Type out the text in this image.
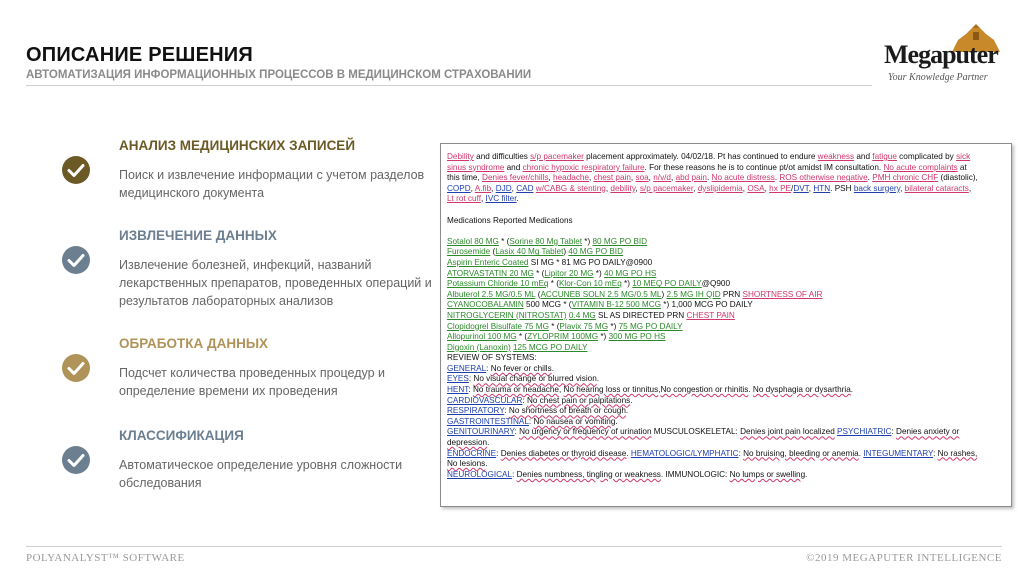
ОПИСАНИЕ РЕШЕНИЯ
АВТОМАТИЗАЦИЯ ИНФОРМАЦИОННЫХ ПРОЦЕССОВ В МЕДИЦИНСКОМ СТРАХОВАНИИ
Megaputer
Your Knowledge Partner
АНАЛИЗ МЕДИЦИНСКИХ ЗАПИСЕЙ
Поиск и извлечение информации с учетом разделов медицинского документа
ИЗВЛЕЧЕНИЕ ДАННЫХ
Извлечение болезней, инфекций, названий лекарственных препаратов, проведенных операций и результатов лабораторных анализов
ОБРАБОТКА ДАННЫХ
Подсчет количества проведенных процедур и определение времени их проведения
КЛАССИФИКАЦИЯ
Автоматическое определение уровня сложности обследования
Debility and difficulties s/p pacemaker placement approximately. 04/02/18. Pt has continued to endure weakness and fatigue complicated by sick
sinus syndrome and chronic hypoxic respiratory failure. For these reasons he is to continue pt/ot amidst IM consultation. No acute complaints at
this time, Denies fever/chills, headache, chest pain, soa, n/v/d, abd pain. No acute distress. ROS otherwise negative. PMH chronic CHF (diastolic),
COPD, A.fib, DJD, CAD w/CABG & stenting, debility, s/p pacemaker, dyslipidemia, OSA, hx PE/DVT, HTN. PSH back surgery, bilateral cataracts,
Lt rot cuff, IVC filter.
Medications Reported Medications
Sotalol 80 MG * (Sorine 80 Mg Tablet *) 80 MG PO BID
Furosemide (Lasix 40 Mg Tablet) 40 MG PO BID
Aspirin Enteric Coated SI MG * 81 MG PO DAILY@0900
ATORVASTATIN 20 MG * (Lipitor 20 MG *) 40 MG PO HS
Potassium Chloride 10 mEq * (Klor-Con 10 mEq *) 10 MEQ PO DAILY@Q900
Albuterol 2.5 MG/0.5 ML (ACCUNEB SOLN 2.5 MG/0.5 ML) 2.5 MG IH QID PRN SHORTNESS OF AIR
CYANOCOBALAMIN 500 MCG * (VITAMIN B-12 500 MCG *) 1,000 MCG PO DAILY
NITROGLYCERIN (NITROSTAT) 0.4 MG SL AS DIRECTED PRN CHEST PAIN
Clopidogrel Bisulfate 75 MG * (Plavix 75 MG *) 75 MG PO DAILY
Allopurinol 100 MG * (ZYLOPRIM 100MG *) 300 MG PO HS
Digoxin (Lanoxin) 125 MCG PO DAILY
REVIEW OF SYSTEMS:
GENERAL: No fever or chills.
EYES: No visual change or blurred vision.
HENT: No trauma or headache, No hearing loss or tinnitus,No congestion or rhinitis. No dysphagia or dysarthria.
CARDIOVASCULAR: No chest pain or palpitations.
RESPIRATORY: No shortness of breath or cough.
GASTROINTESTINAL: No nausea or vomiting.
GENITOURINARY: No urgency or frequency of urination MUSCULOSKELETAL: Denies joint pain localized PSYCHIATRIC: Denies anxiety or
depression.
ENDOCRINE: Denies diabetes or thyroid disease. HEMATOLOGIC/LYMPHATIC: No bruising, bleeding or anemia. INTEGUMENTARY: No rashes,
No lesions.
NEUROLOGICAL: Denies numbness, tingling or weakness. IMMUNOLOGIC: No lumps or swelling.
POLYANALYST™ SOFTWARE	©2019 MEGAPUTER INTELLIGENCE
